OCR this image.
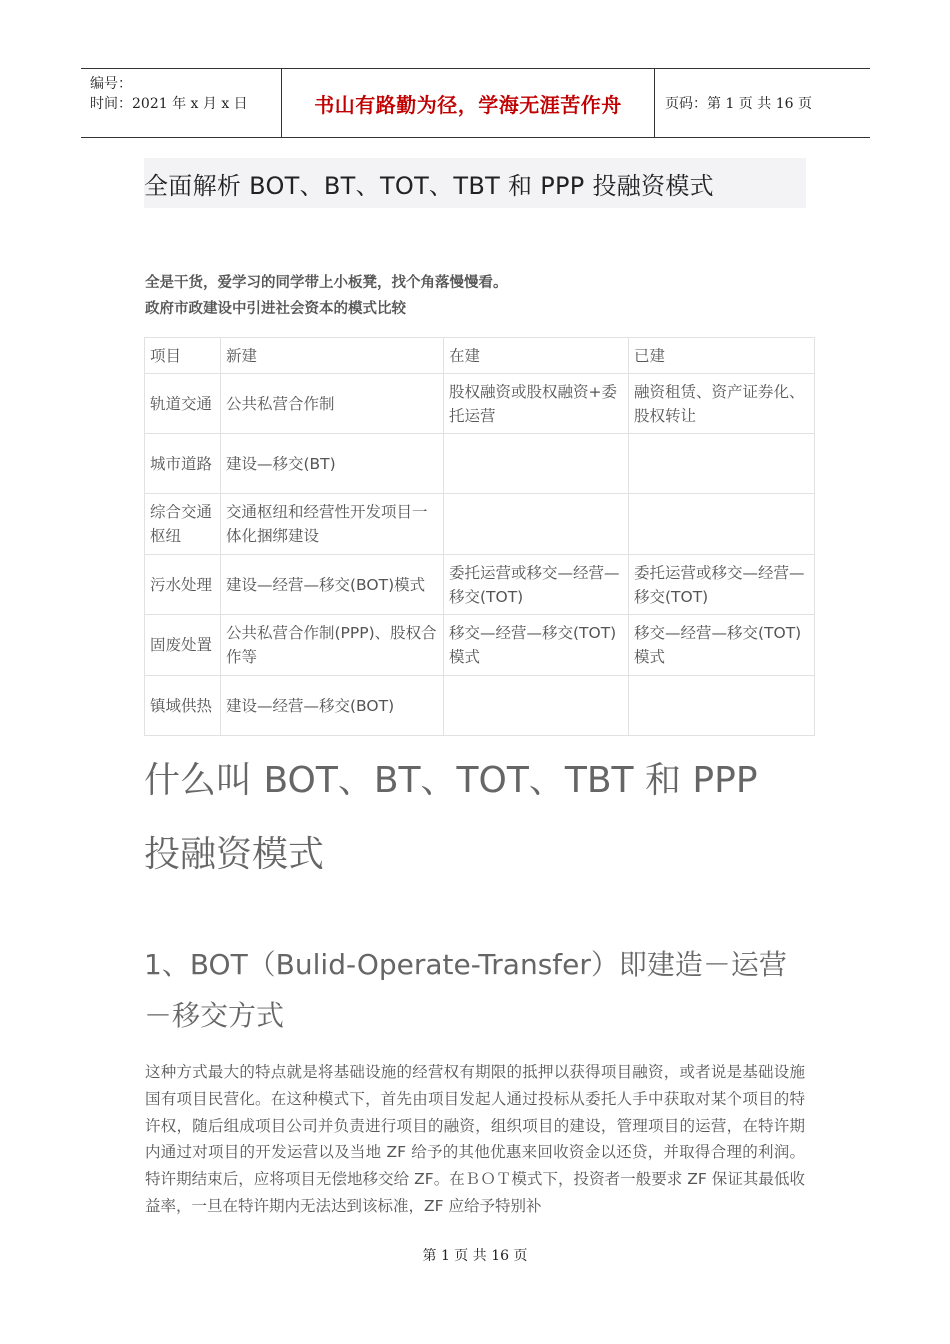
编号：
时间：2021 年 x 月 x 日	书山有路勤为径，学海无涯苦作舟	页码：第 1 页 共 16 页
全面解析 BOT、BT、TOT、TBT 和 PPP 投融资模式
全是干货，爱学习的同学带上小板凳，找个角落慢慢看。
政府市政建设中引进社会资本的模式比较
项目	新建	在建	已建
轨道交通	公共私营合作制	股权融资或股权融资+委托运营	融资租赁、资产证券化、股权转让
城市道路	建设—移交(BT)		
综合交通枢纽	交通枢纽和经营性开发项目一体化捆绑建设		
污水处理	建设—经营—移交(BOT)模式	委托运营或移交—经营—移交(TOT)	委托运营或移交—经营—移交(TOT)
固废处置	公共私营合作制(PPP)、股权合作等	移交—经营—移交(TOT)模式	移交—经营—移交(TOT)模式
镇域供热	建设—经营—移交(BOT)		
什么叫 BOT、BT、TOT、TBT 和 PPP
投融资模式
1、BOT（Bulid-Operate-Transfer）即建造－运营
－移交方式

这种方式最大的特点就是将基础设施的经营权有期限的抵押以获得项目融资，或者说是基础设施国有项目民营化。在这种模式下，首先由项目发起人通过投标从委托人手中获取对某个项目的特许权，随后组成项目公司并负责进行项目的融资，组织项目的建设，管理项目的运营，在特许期内通过对项目的开发运营以及当地 ZF 给予的其他优惠来回收资金以还贷，并取得合理的利润。特许期结束后，应将项目无偿地移交给 ZF。在ＢＯＴ模式下，投资者一般要求 ZF 保证其最低收益率，一旦在特许期内无法达到该标准，ZF 应给予特别补

第 1 页 共 16 页
